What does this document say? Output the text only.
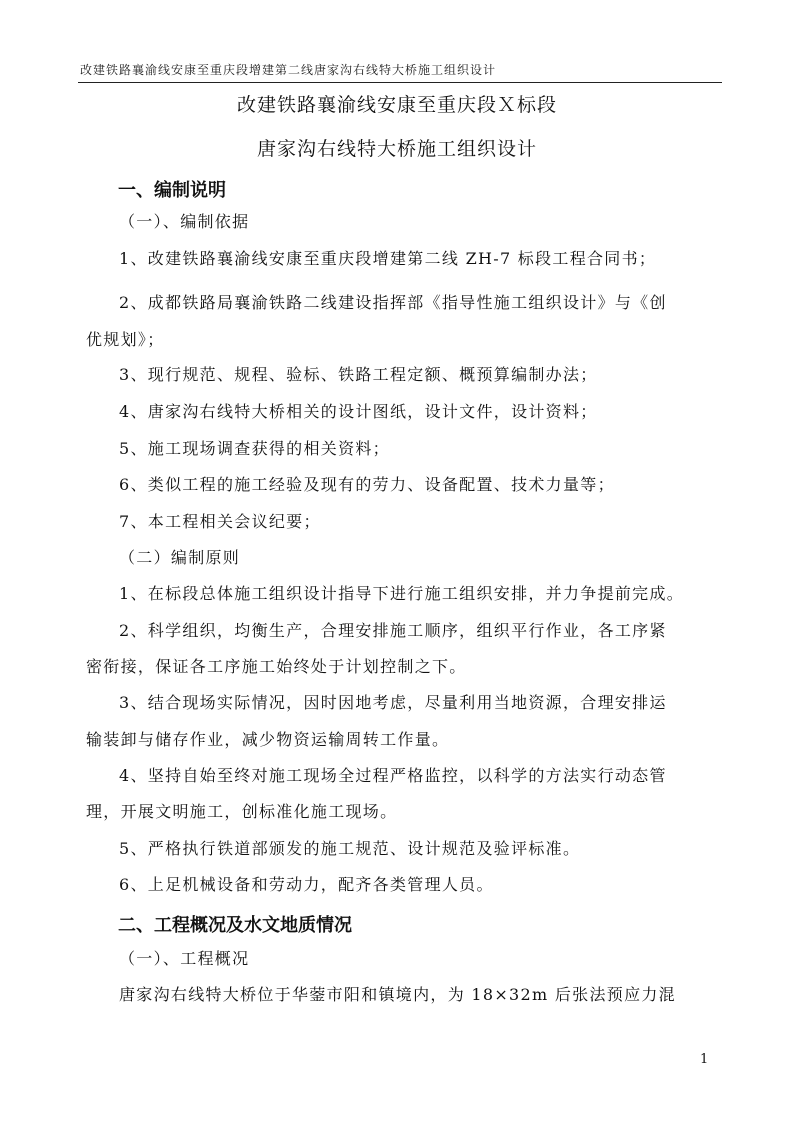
改建铁路襄渝线安康至重庆段增建第二线唐家沟右线特大桥施工组织设计
改建铁路襄渝线安康至重庆段Ｘ标段
唐家沟右线特大桥施工组织设计
一、编制说明
（一）、编制依据
1、改建铁路襄渝线安康至重庆段增建第二线 ZH-7 标段工程合同书；
2、成都铁路局襄渝铁路二线建设指挥部《指导性施工组织设计》与《创
优规划》；
3、现行规范、规程、验标、铁路工程定额、概预算编制办法；
4、唐家沟右线特大桥相关的设计图纸，设计文件，设计资料；
5、施工现场调查获得的相关资料；
6、类似工程的施工经验及现有的劳力、设备配置、技术力量等；
7、本工程相关会议纪要；
（二）编制原则
1、在标段总体施工组织设计指导下进行施工组织安排，并力争提前完成。
2、科学组织，均衡生产，合理安排施工顺序，组织平行作业，各工序紧
密衔接，保证各工序施工始终处于计划控制之下。
3、结合现场实际情况，因时因地考虑，尽量利用当地资源，合理安排运
输装卸与储存作业，减少物资运输周转工作量。
4、坚持自始至终对施工现场全过程严格监控，以科学的方法实行动态管
理，开展文明施工，创标准化施工现场。
5、严格执行铁道部颁发的施工规范、设计规范及验评标准。
6、上足机械设备和劳动力，配齐各类管理人员。
二、工程概况及水文地质情况
（一）、工程概况
唐家沟右线特大桥位于华蓥市阳和镇境内，为 18×32m 后张法预应力混
1
